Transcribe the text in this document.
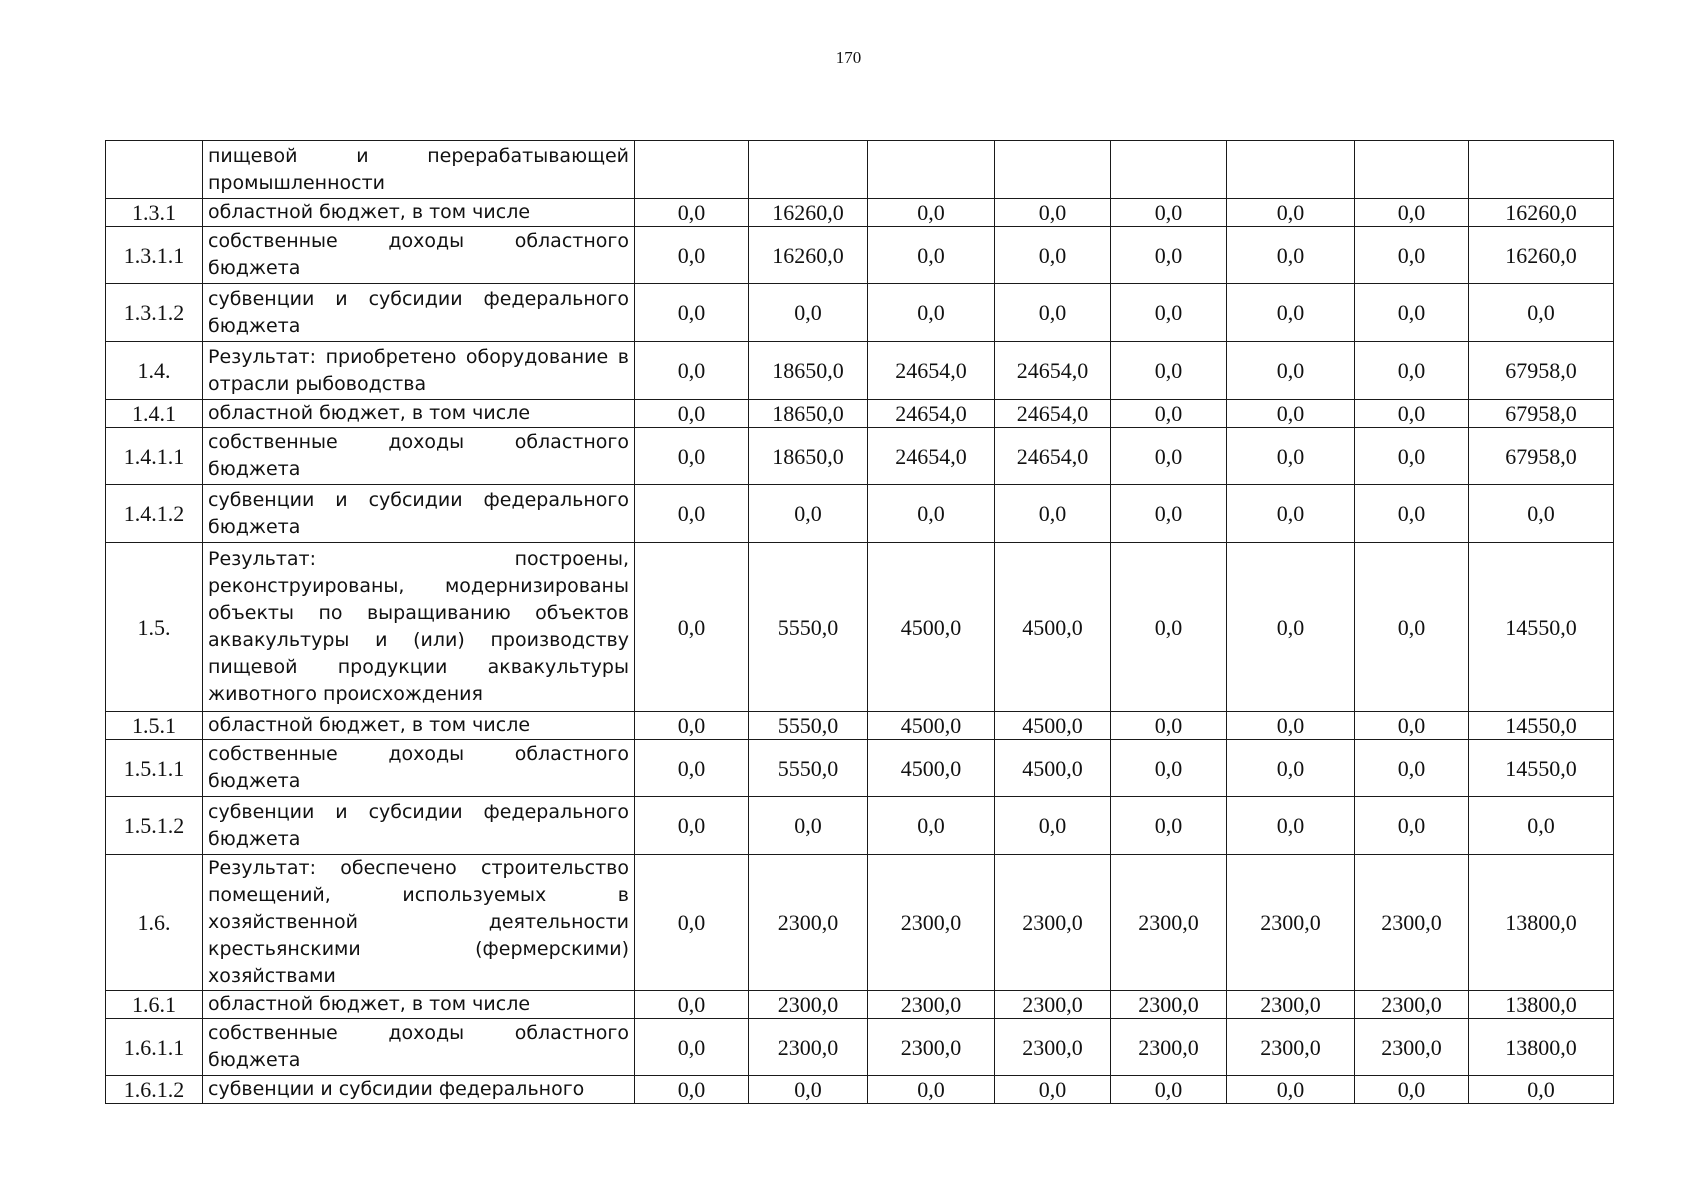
170
	пищевой и перерабатывающей промышленности								
1.3.1	областной бюджет, в том числе	0,0	16260,0	0,0	0,0	0,0	0,0	0,0	16260,0
1.3.1.1	собственные доходы областного бюджета	0,0	16260,0	0,0	0,0	0,0	0,0	0,0	16260,0
1.3.1.2	субвенции и субсидии федерального бюджета	0,0	0,0	0,0	0,0	0,0	0,0	0,0	0,0
1.4.	Результат: приобретено оборудование в отрасли рыбоводства	0,0	18650,0	24654,0	24654,0	0,0	0,0	0,0	67958,0
1.4.1	областной бюджет, в том числе	0,0	18650,0	24654,0	24654,0	0,0	0,0	0,0	67958,0
1.4.1.1	собственные доходы областного бюджета	0,0	18650,0	24654,0	24654,0	0,0	0,0	0,0	67958,0
1.4.1.2	субвенции и субсидии федерального бюджета	0,0	0,0	0,0	0,0	0,0	0,0	0,0	0,0
1.5.	Результат: построены, реконструированы, модернизированы объекты по выращиванию объектов аквакультуры и (или) производству пищевой продукции аквакультуры животного происхождения	0,0	5550,0	4500,0	4500,0	0,0	0,0	0,0	14550,0
1.5.1	областной бюджет, в том числе	0,0	5550,0	4500,0	4500,0	0,0	0,0	0,0	14550,0
1.5.1.1	собственные доходы областного бюджета	0,0	5550,0	4500,0	4500,0	0,0	0,0	0,0	14550,0
1.5.1.2	субвенции и субсидии федерального бюджета	0,0	0,0	0,0	0,0	0,0	0,0	0,0	0,0
1.6.	Результат: обеспечено строительство помещений, используемых в хозяйственной деятельности крестьянскими (фермерскими) хозяйствами	0,0	2300,0	2300,0	2300,0	2300,0	2300,0	2300,0	13800,0
1.6.1	областной бюджет, в том числе	0,0	2300,0	2300,0	2300,0	2300,0	2300,0	2300,0	13800,0
1.6.1.1	собственные доходы областного бюджета	0,0	2300,0	2300,0	2300,0	2300,0	2300,0	2300,0	13800,0
1.6.1.2	субвенции и субсидии федерального	0,0	0,0	0,0	0,0	0,0	0,0	0,0	0,0
